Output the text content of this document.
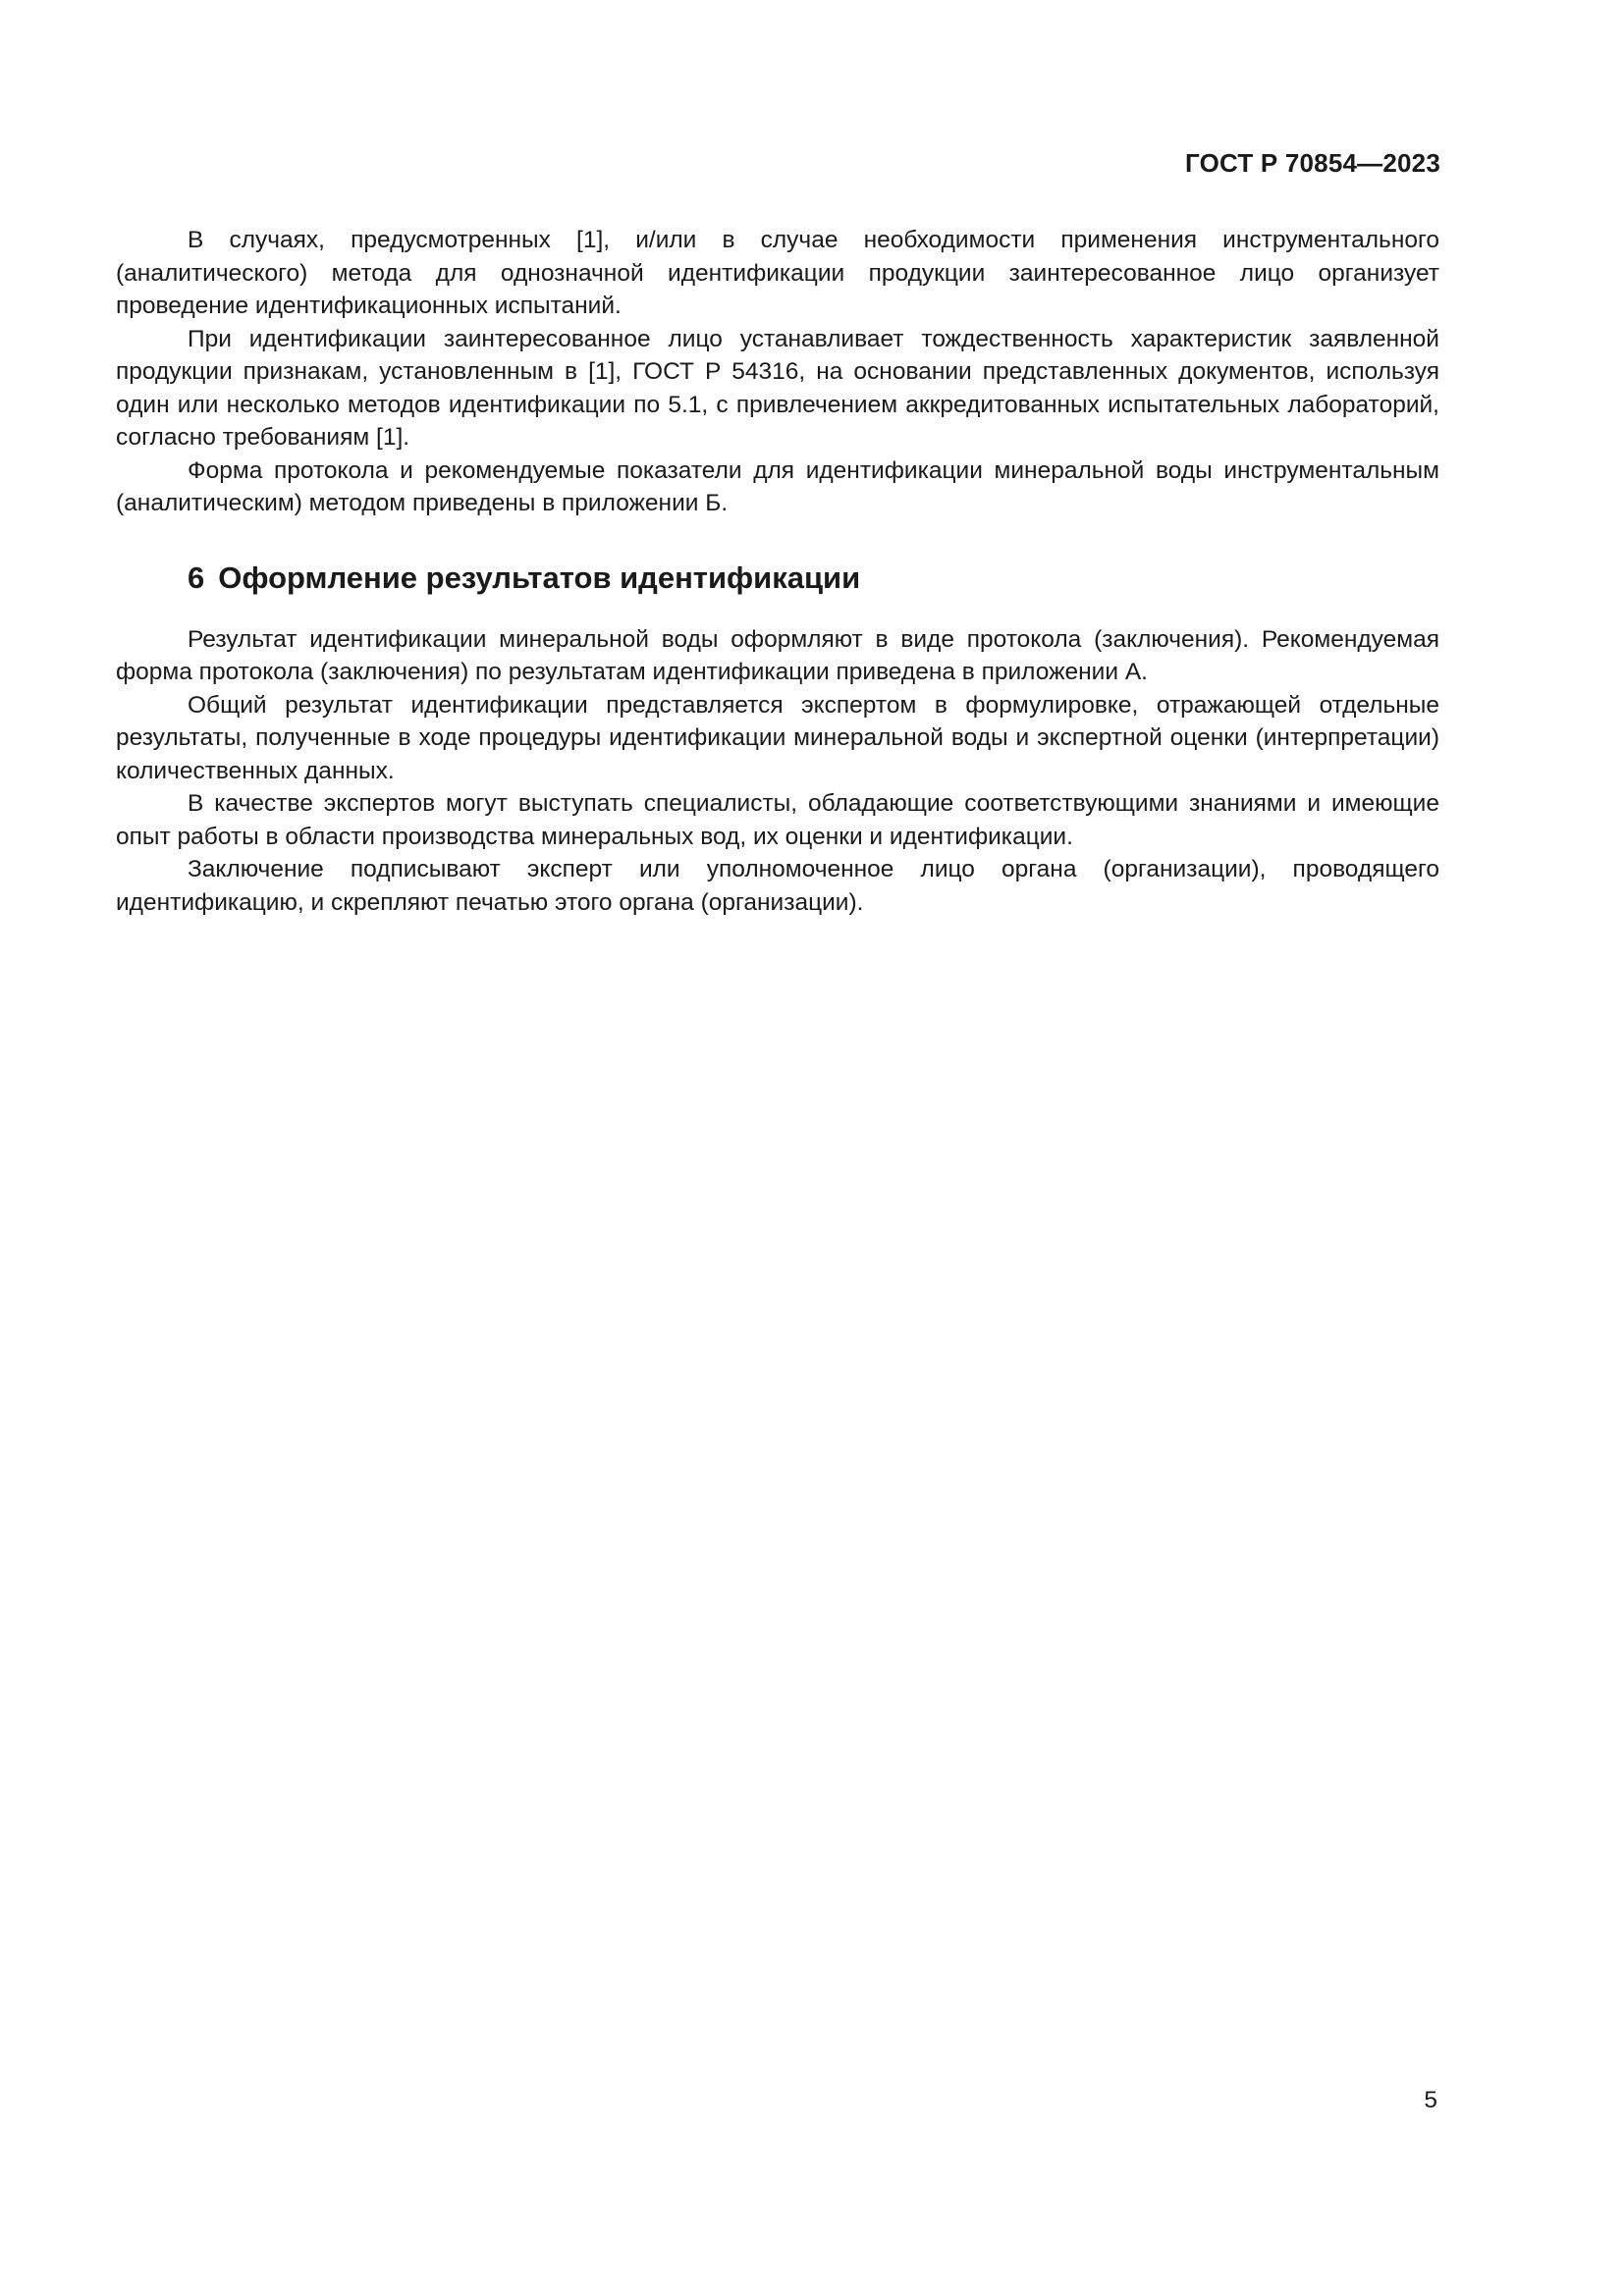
ГОСТ Р 70854—2023

В случаях, предусмотренных [1], и/или в случае необходимости применения инструментального (аналитического) метода для однозначной идентификации продукции заинтересованное лицо организует проведение идентификационных испытаний.

При идентификации заинтересованное лицо устанавливает тождественность характеристик заявленной продукции признакам, установленным в [1], ГОСТ Р 54316, на основании представленных документов, используя один или несколько методов идентификации по 5.1, с привлечением аккредитованных испытательных лабораторий, согласно требованиям [1].

Форма протокола и рекомендуемые показатели для идентификации минеральной воды инструментальным (аналитическим) методом приведены в приложении Б.

6 Оформление результатов идентификации

Результат идентификации минеральной воды оформляют в виде протокола (заключения). Рекомендуемая форма протокола (заключения) по результатам идентификации приведена в приложении А.

Общий результат идентификации представляется экспертом в формулировке, отражающей отдельные результаты, полученные в ходе процедуры идентификации минеральной воды и экспертной оценки (интерпретации) количественных данных.

В качестве экспертов могут выступать специалисты, обладающие соответствующими знаниями и имеющие опыт работы в области производства минеральных вод, их оценки и идентификации.

Заключение подписывают эксперт или уполномоченное лицо органа (организации), проводящего идентификацию, и скрепляют печатью этого органа (организации).

5
